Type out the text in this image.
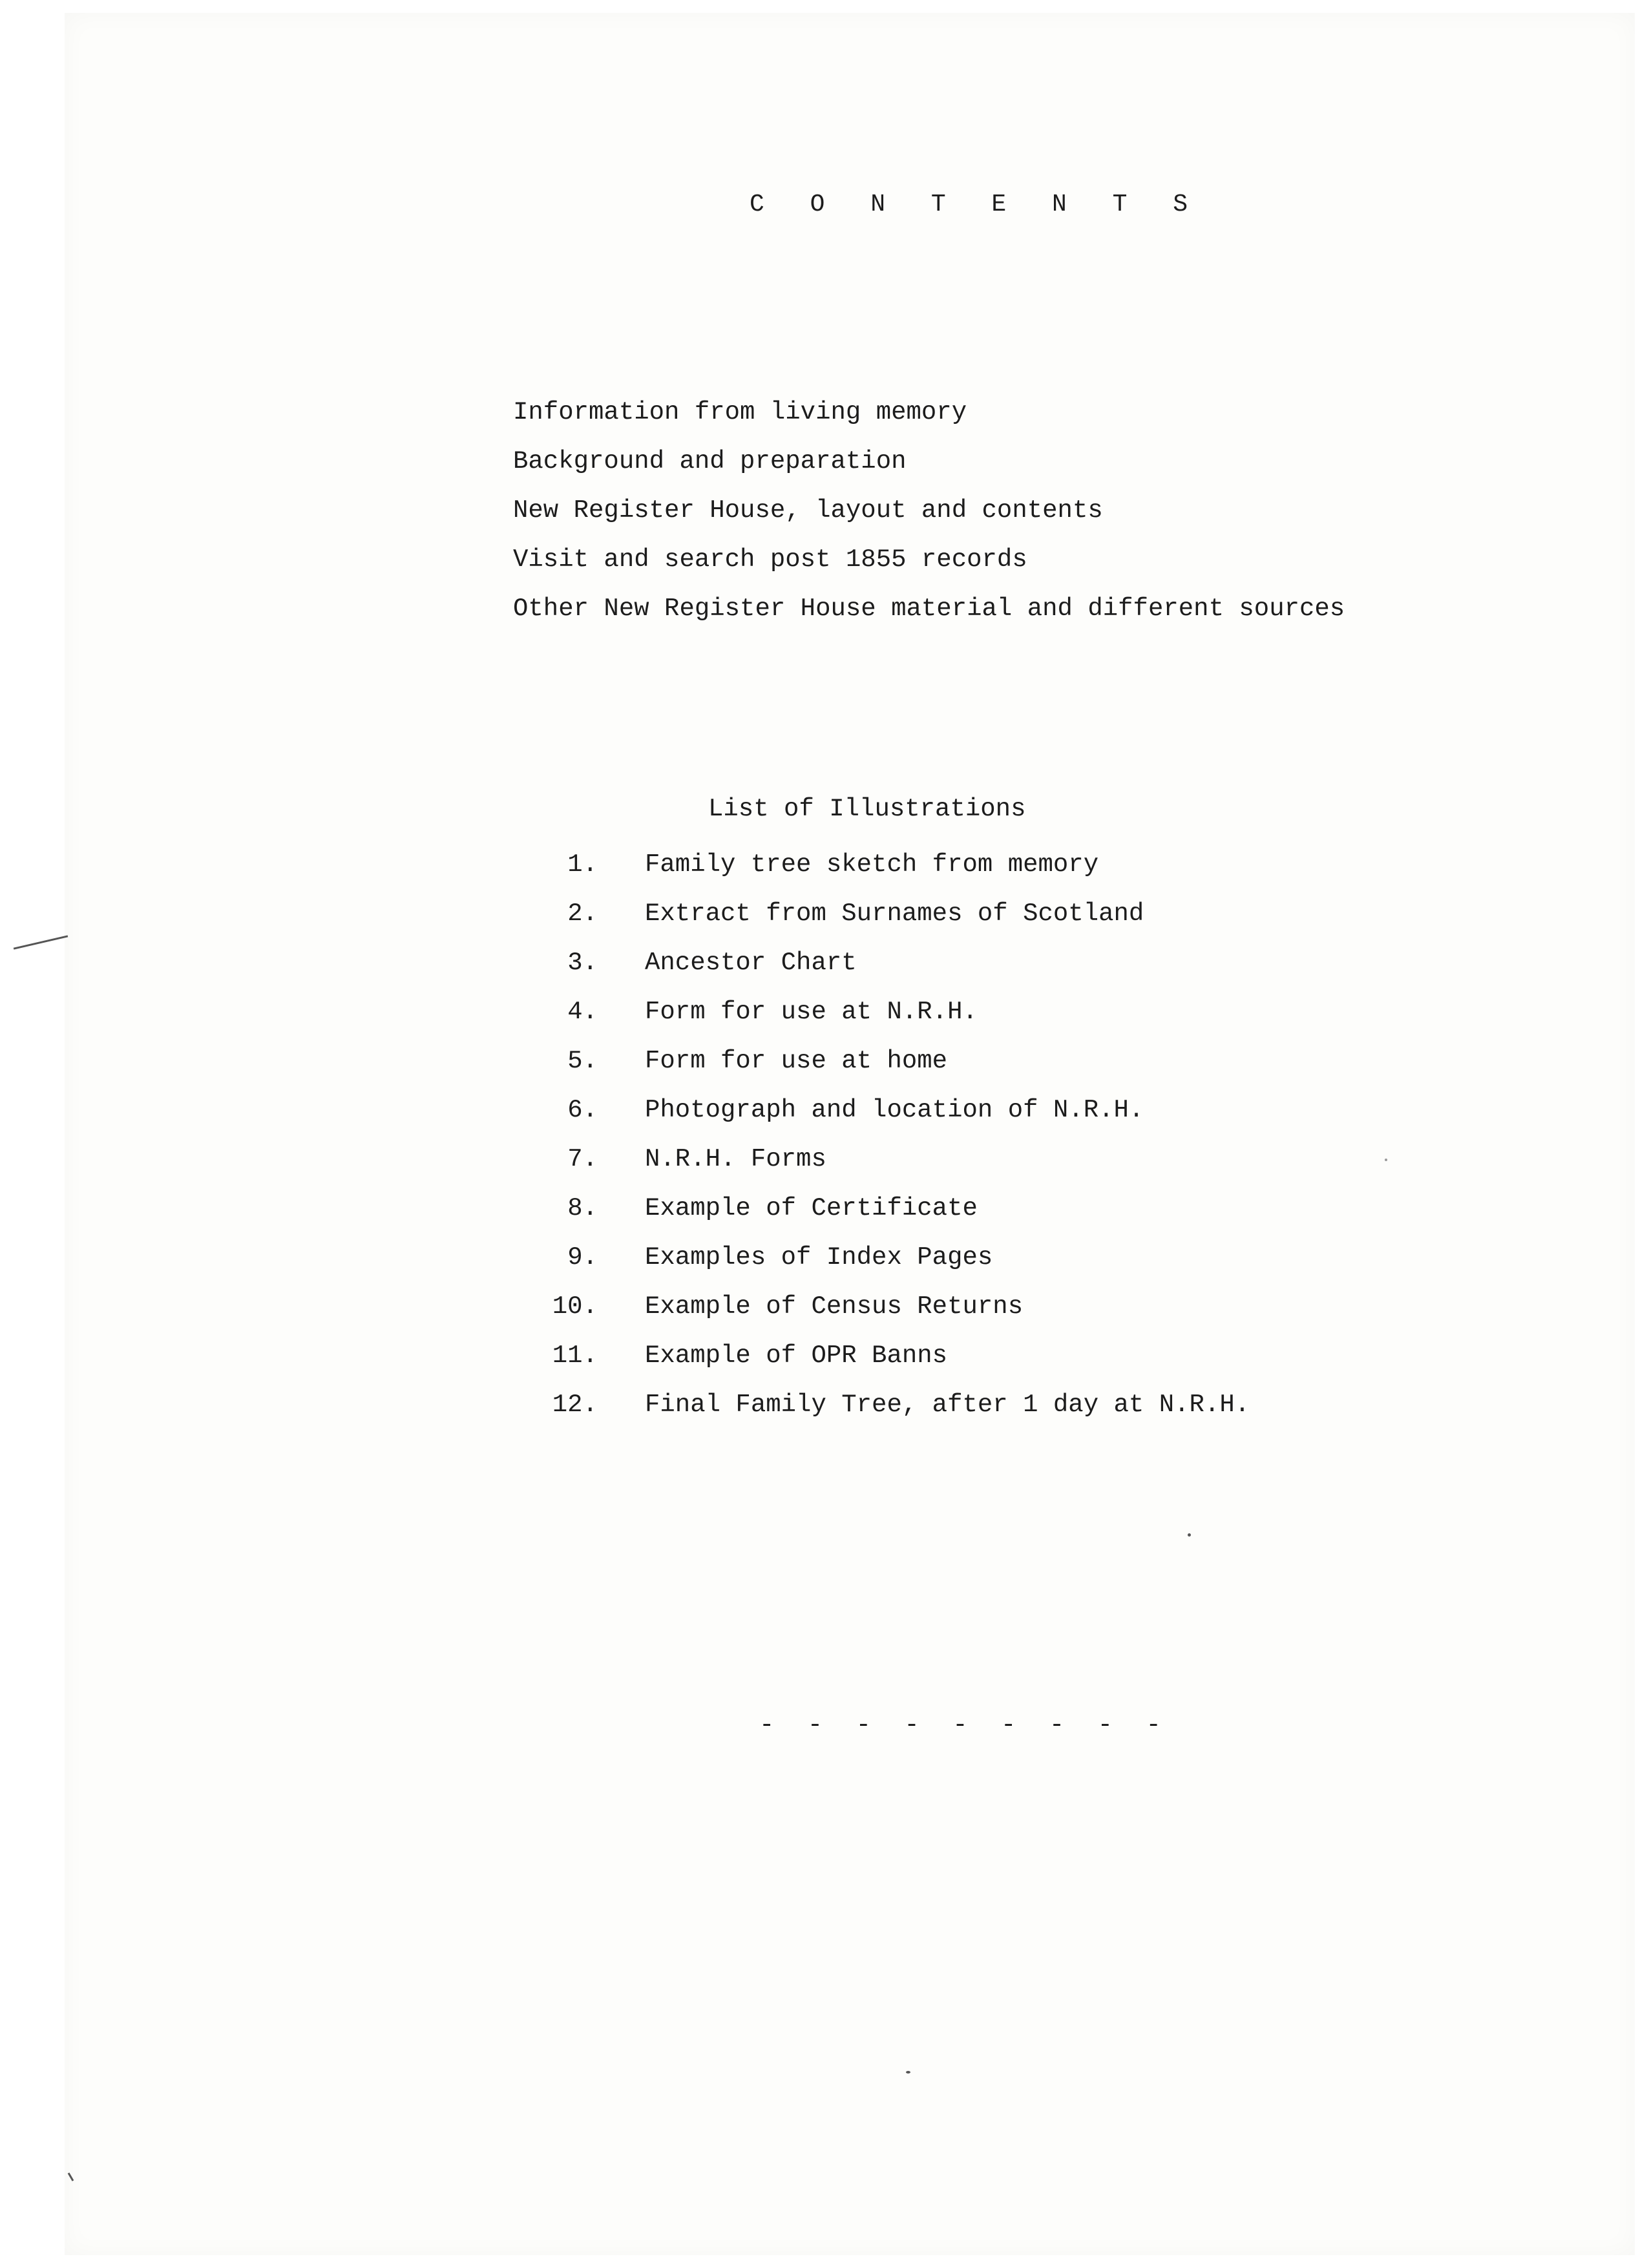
C O N T E N T S
Information from living memory
Background and preparation
New Register House, layout and contents
Visit and search post 1855 records
Other New Register House material and different sources
List of Illustrations
1. Family tree sketch from memory
2. Extract from Surnames of Scotland
3. Ancestor Chart
4. Form for use at N.R.H.
5. Form for use at home
6. Photograph and location of N.R.H.
7. N.R.H. Forms
8. Example of Certificate
9. Examples of Index Pages
10. Example of Census Returns
11. Example of OPR Banns
12. Final Family Tree, after 1 day at N.R.H.
- - - - - - - - -
